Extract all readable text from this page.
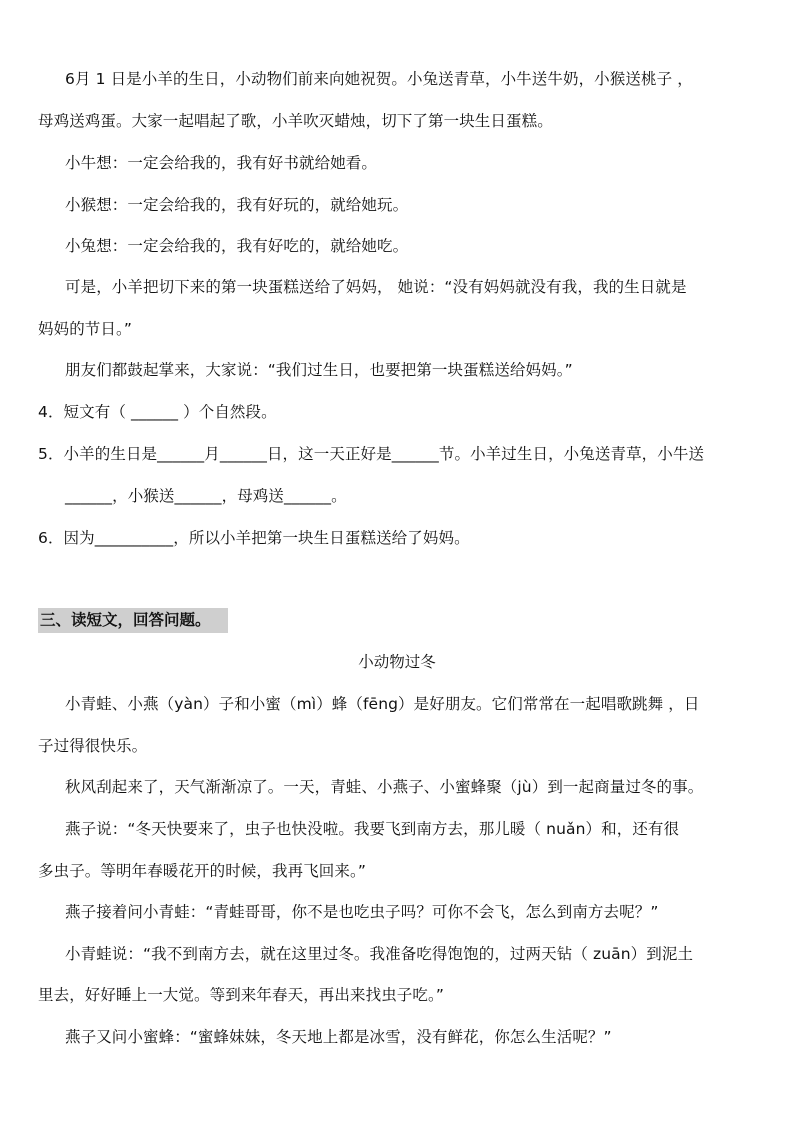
6月 1 日是小羊的生日，小动物们前来向她祝贺。小兔送青草，小牛送牛奶，小猴送桃子 ，
母鸡送鸡蛋。大家一起唱起了歌，小羊吹灭蜡烛，切下了第一块生日蛋糕。
小牛想：一定会给我的，我有好书就给她看。
小猴想：一定会给我的，我有好玩的，就给她玩。
小兔想：一定会给我的，我有好吃的，就给她吃。
可是，小羊把切下来的第一块蛋糕送给了妈妈， 她说：“没有妈妈就没有我，我的生日就是
妈妈的节日。”
朋友们都鼓起掌来，大家说：“我们过生日，也要把第一块蛋糕送给妈妈。”
4．短文有（ ______ ）个自然段。
5．小羊的生日是______月______日，这一天正好是______节。小羊过生日，小兔送青草，小牛送
______，小猴送______，母鸡送______。
6．因为__________，所以小羊把第一块生日蛋糕送给了妈妈。
三、读短文，回答问题。
小动物过冬
小青蛙、小燕（yàn）子和小蜜（mì）蜂（fēng）是好朋友。它们常常在一起唱歌跳舞 ，日
子过得很快乐。
秋风刮起来了，天气渐渐凉了。一天，青蛙、小燕子、小蜜蜂聚（jù）到一起商量过冬的事。
燕子说：“冬天快要来了，虫子也快没啦。我要飞到南方去，那儿暖（ nuǎn）和，还有很
多虫子。等明年春暖花开的时候，我再飞回来。”
燕子接着问小青蛙：“青蛙哥哥，你不是也吃虫子吗？可你不会飞，怎么到南方去呢？”
小青蛙说：“我不到南方去，就在这里过冬。我准备吃得饱饱的，过两天钻（ zuān）到泥土
里去，好好睡上一大觉。等到来年春天，再出来找虫子吃。”
燕子又问小蜜蜂：“蜜蜂妹妹，冬天地上都是冰雪，没有鲜花，你怎么生活呢？”
